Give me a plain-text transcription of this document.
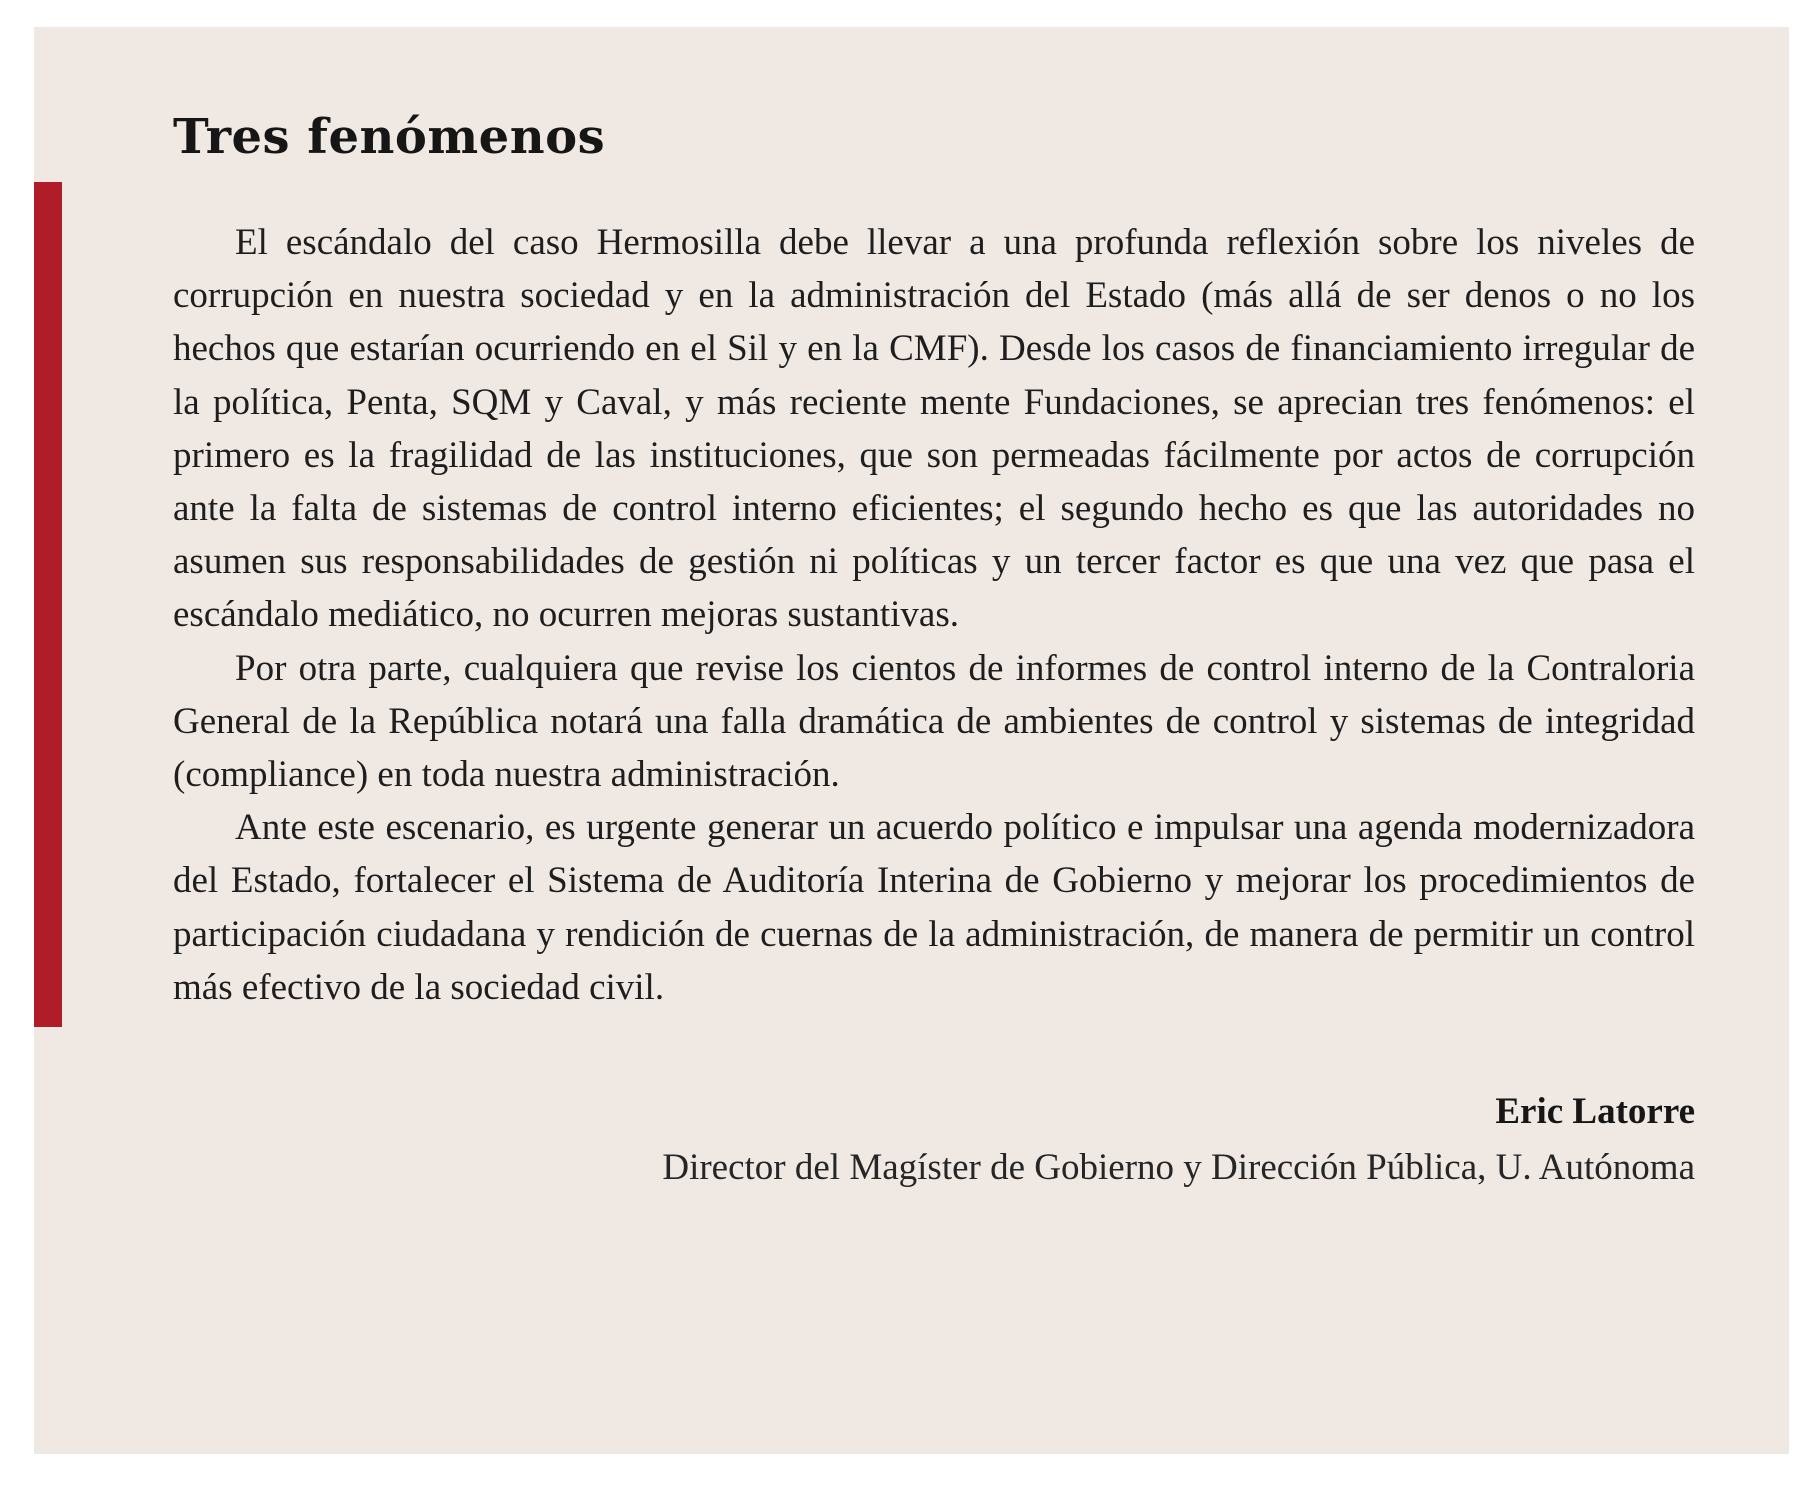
Tres fenómenos

El escándalo del caso Hermosilla debe llevar a una profunda reflexión sobre los niveles de corrupción en nuestra sociedad y en la administración del Estado (más allá de ser denos o no los hechos que estarían ocurriendo en el Sil y en la CMF). Desde los casos de financiamiento irregular de la política, Penta, SQM y Caval, y más reciente mente Fundaciones, se aprecian tres fenómenos: el primero es la fragilidad de las instituciones, que son permeadas fácilmente por actos de corrupción ante la falta de sistemas de control interno eficientes; el segundo hecho es que las autoridades no asumen sus responsabilidades de gestión ni políticas y un tercer factor es que una vez que pasa el escándalo mediático, no ocurren mejoras sustantivas.

Por otra parte, cualquiera que revise los cientos de informes de control interno de la Contraloria General de la República notará una falla dramática de ambientes de control y sistemas de integridad (compliance) en toda nuestra administración.

Ante este escenario, es urgente generar un acuerdo político e impulsar una agenda modernizadora del Estado, fortalecer el Sistema de Auditoría Interina de Gobierno y mejorar los procedimientos de participación ciudadana y rendición de cuernas de la administración, de manera de permitir un control más efectivo de la sociedad civil.

Eric Latorre
Director del Magíster de Gobierno y Dirección Pública, U. Autónoma
